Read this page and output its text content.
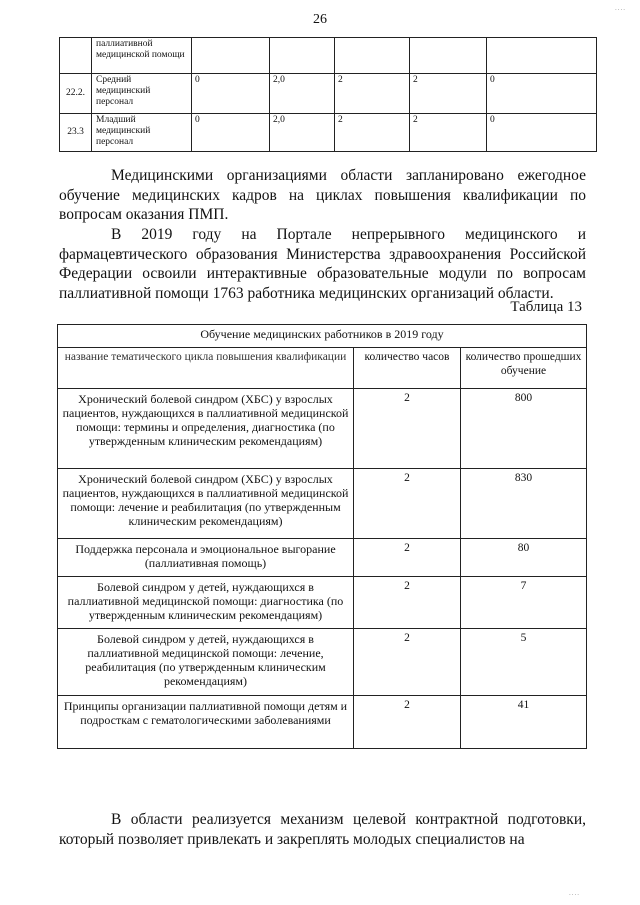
....
26
	паллиативной медицинской помощи					
22.2.	Средний медицинский персонал	0	2,0	2	2	0
23.3	Младший медицинский персонал	0	2,0	2	2	0

Медицинскими организациями области запланировано ежегодное обучение медицинских кадров на циклах повышения квалификации по вопросам оказания ПМП.

В 2019 году на Портале непрерывного медицинского и фармацевтического образования Министерства здравоохранения Российской Федерации освоили интерактивные образовательные модули по вопросам паллиативной помощи 1763 работника медицинских организаций области.

Таблица 13
Обучение медицинских работников в 2019 году		
название тематического цикла повышения квалификации	количество часов	количество прошедших обучение
Хронический болевой синдром (ХБС) у взрослых пациентов, нуждающихся в паллиативной медицинской помощи: термины и определения, диагностика (по утвержденным клиническим рекомендациям)	2	800
Хронический болевой синдром (ХБС) у взрослых пациентов, нуждающихся в паллиативной медицинской помощи: лечение и реабилитация (по утвержденным клиническим рекомендациям)	2	830
Поддержка персонала и эмоциональное выгорание (паллиативная помощь)	2	80
Болевой синдром у детей, нуждающихся в паллиативной медицинской помощи: диагностика (по утвержденным клиническим рекомендациям)	2	7
Болевой синдром у детей, нуждающихся в паллиативной медицинской помощи: лечение, реабилитация (по утвержденным клиническим рекомендациям)	2	5
Принципы организации паллиативной помощи детям и подросткам с гематологическими заболеваниями	2	41

В области реализуется механизм целевой контрактной подготовки, который позволяет привлекать и закреплять молодых специалистов на

....
